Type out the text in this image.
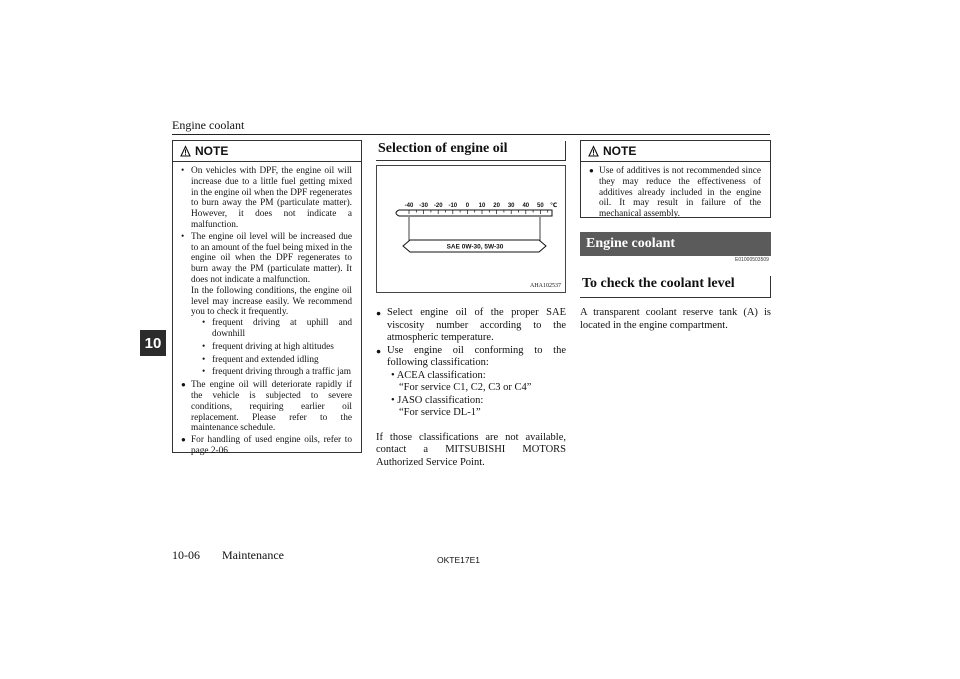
Engine coolant
10
NOTE
• On vehicles with DPF, the engine oil will increase due to a little fuel getting mixed in the engine oil when the DPF regenerates to burn away the PM (particulate matter). However, it does not indicate a malfunction.
• The engine oil level will be increased due to an amount of the fuel being mixed in the engine oil when the DPF regenerates to burn away the PM (particulate matter). It does not indicate a malfunction.
In the following conditions, the engine oil level may increase easily. We recommend you to check it frequently.
• frequent driving at uphill and downhill
• frequent driving at high altitudes
• frequent and extended idling
• frequent driving through a traffic jam
● The engine oil will deteriorate rapidly if the vehicle is subjected to severe conditions, requiring earlier oil replacement. Please refer to the maintenance schedule.
● For handling of used engine oils, refer to page 2-06.
Selection of engine oil
-40 -30 -20 -10 0 10 20 30 40 50 ℃
SAE 0W-30, 5W-30
AHA102537
● Select engine oil of the proper SAE viscosity number according to the atmospheric temperature.
● Use engine oil conforming to the following classification:
• ACEA classification:
“For service C1, C2, C3 or C4”
• JASO classification:
“For service DL-1”
If those classifications are not available, contact a MITSUBISHI MOTORS Authorized Service Point.
NOTE
● Use of additives is not recommended since they may reduce the effectiveness of additives already included in the engine oil. It may result in failure of the mechanical assembly.
Engine coolant
E01000503509
To check the coolant level
A transparent coolant reserve tank (A) is located in the engine compartment.
10-06 Maintenance	OKTE17E1
